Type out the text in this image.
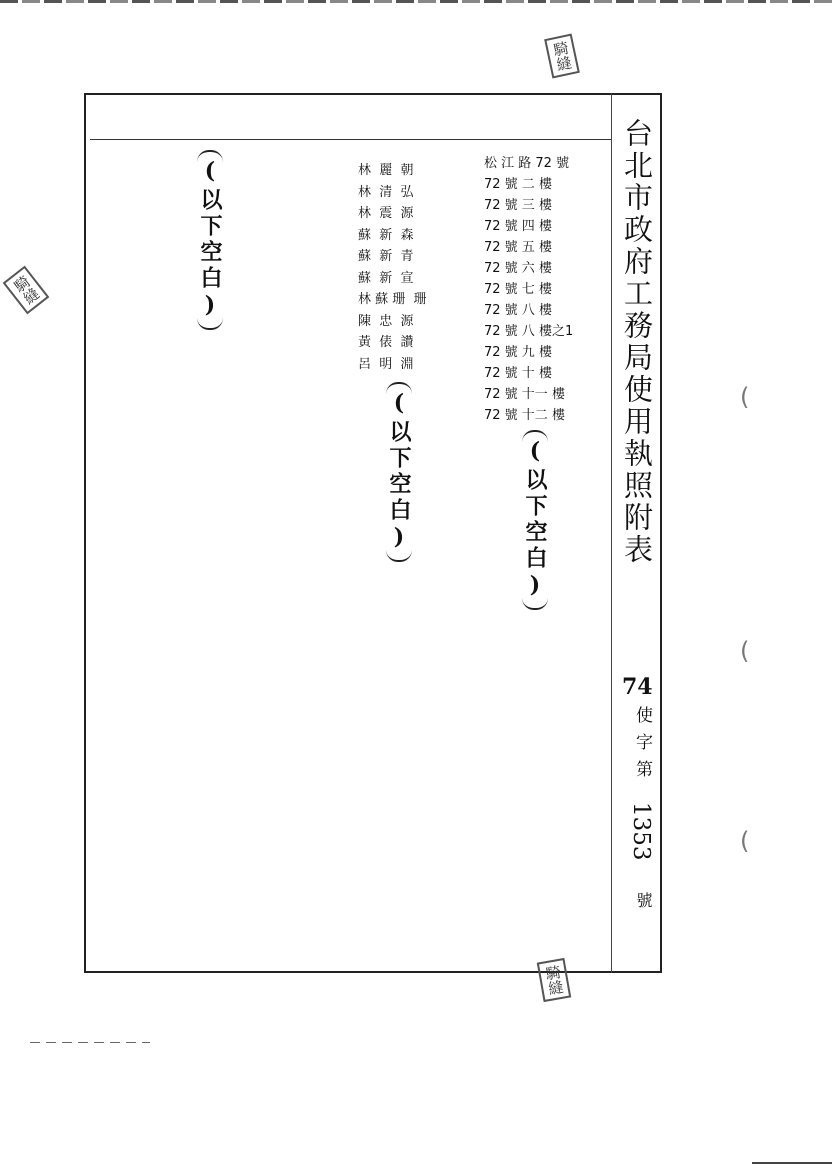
台北市政府工務局使用執照附表
74
使字第
1353
號
松 江 路 72 號
72 號 二 樓
72 號 三 樓
72 號 四 樓
72 號 五 樓
72 號 六 樓
72 號 七 樓
72 號 八 樓
72 號 八 樓之1
72 號 九 樓
72 號 十 樓
72 號 十一 樓
72 號 十二 樓
林  麗  朝
林  清  弘
林  震  源
蘇  新  森
蘇  新  青
蘇  新  宣
林 蘇 珊  珊
陳  忠  源
黃  俵  讚
呂  明  淵
(以下空白)
(以下空白)
(以下空白)
騎縫
騎縫
騎縫
(
(
(
